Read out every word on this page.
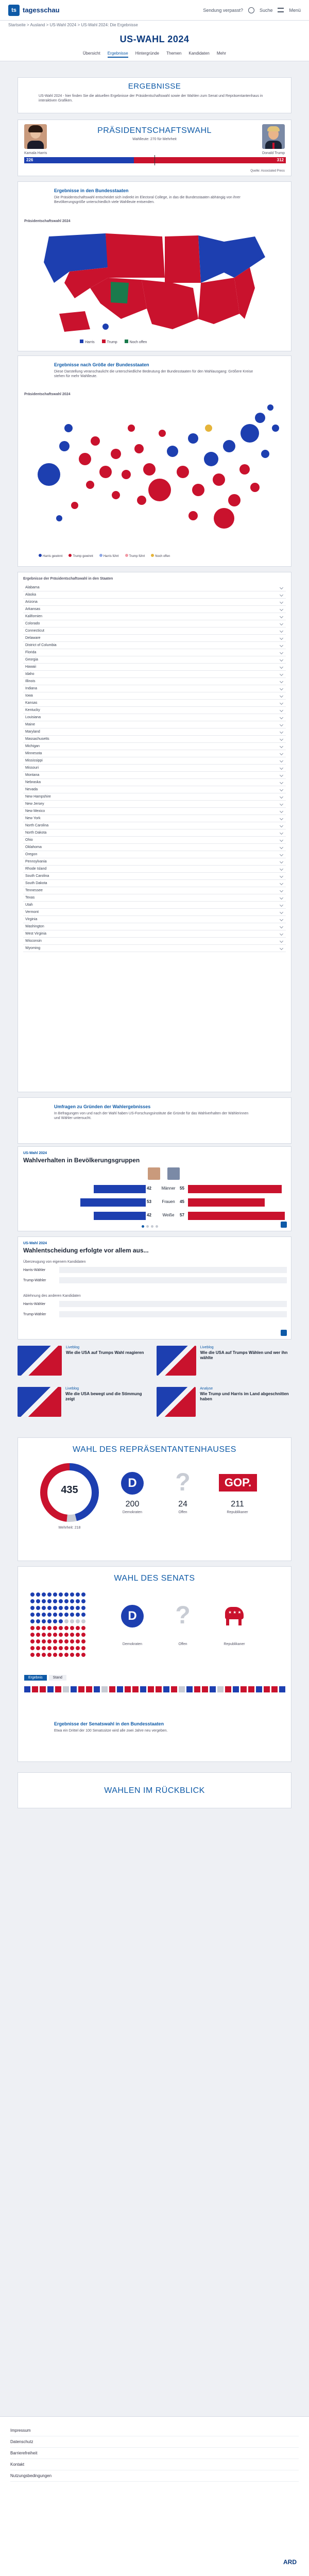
ts tagesschau	Sendung verpasst?	Suche	Menü
Startseite > Ausland > US-Wahl 2024 > US-Wahl 2024: Die Ergebnisse
US-WAHL 2024
Übersicht Ergebnisse Hintergründe Themen Kandidaten Mehr
ERGEBNISSE
US-Wahl 2024 - hier finden Sie die aktuellen Ergebnisse der Präsidentschaftswahl sowie der Wahlen zum Senat und Repräsentantenhaus in interaktiven Grafiken.
PRÄSIDENTSCHAFTSWAHL
Wahlleute: 270 für Mehrheit
Kamala Harris	Donald Trump
226	312
Quelle: Associated Press
Ergebnisse in den Bundesstaaten
Die Präsidentschaftswahl entscheidet sich indirekt im Electoral College, in das die Bundesstaaten abhängig von ihrer Bevölkerungsgröße unterschiedlich viele Wahlleute entsenden.
Präsidentschaftswahl 2024
Harris	Trump	Noch offen
Ergebnisse nach Größe der Bundesstaaten
Diese Darstellung veranschaulicht die unterschiedliche Bedeutung der Bundesstaaten für den Wahlausgang: Größere Kreise stehen für mehr Wahlleute.
Präsidentschaftswahl 2024
Harris gewinnt	Trump gewinnt	Harris führt	Trump führt	Noch offen
Ergebnisse der Präsidentschaftswahl in den Staaten
Alabama
Alaska
Arizona
Arkansas
Kalifornien
Colorado
Connecticut
Delaware
District of Columbia
Florida
Georgia
Hawaii
Idaho
Illinois
Indiana
Iowa
Kansas
Kentucky
Louisiana
Maine
Maryland
Massachusetts
Michigan
Minnesota
Mississippi
Missouri
Montana
Nebraska
Nevada
New Hampshire
New Jersey
New Mexico
New York
North Carolina
North Dakota
Ohio
Oklahoma
Oregon
Pennsylvania
Rhode Island
South Carolina
South Dakota
Tennessee
Texas
Utah
Vermont
Virginia
Washington
West Virginia
Wisconsin
Wyoming
Umfragen zu Gründen der Wahlergebnisses
In Befragungen von und nach der Wahl haben US-Forschungsinstitute die Gründe für das Wahlverhalten der Wählerinnen und Wähler untersucht.
US-Wahl 2024
Wahlverhalten in Bevölkerungsgruppen
42	Männer	55
53	Frauen	45
42	Weiße	57
US-Wahl 2024
Wahlentscheidung erfolgte vor allem aus...
Überzeugung von eigenem Kandidaten
Harris-Wähler
Trump-Wähler
Ablehnung des anderen Kandidaten
Harris-Wähler
Trump-Wähler
Liveblog
Wie die USA auf Trumps Wahl reagieren
Liveblog
Wie die USA auf Trumps Wählen und wer ihn wählte
Liveblog
Wie die USA bewegt und die Stimmung zeigt
Analyse
Wie Trump und Harris im Land abgeschnitten haben
WAHL DES REPRÄSENTANTENHAUSES
435
Mehrheit: 218
D
200
Demokraten
?
24
Offen
GOP.
211
Republikaner
WAHL DES SENATS
D
Demokraten
?
Offen
★★★
Republikaner
Ergebnis	Stand
Ergebnisse der Senatswahl in den Bundesstaaten
Etwa ein Drittel der 100 Senatssitze wird alle zwei Jahre neu vergeben.
WAHLEN IM RÜCKBLICK
Impressum
Datenschutz
Barrierefreiheit
Kontakt
Nutzungsbedingungen
ARD
